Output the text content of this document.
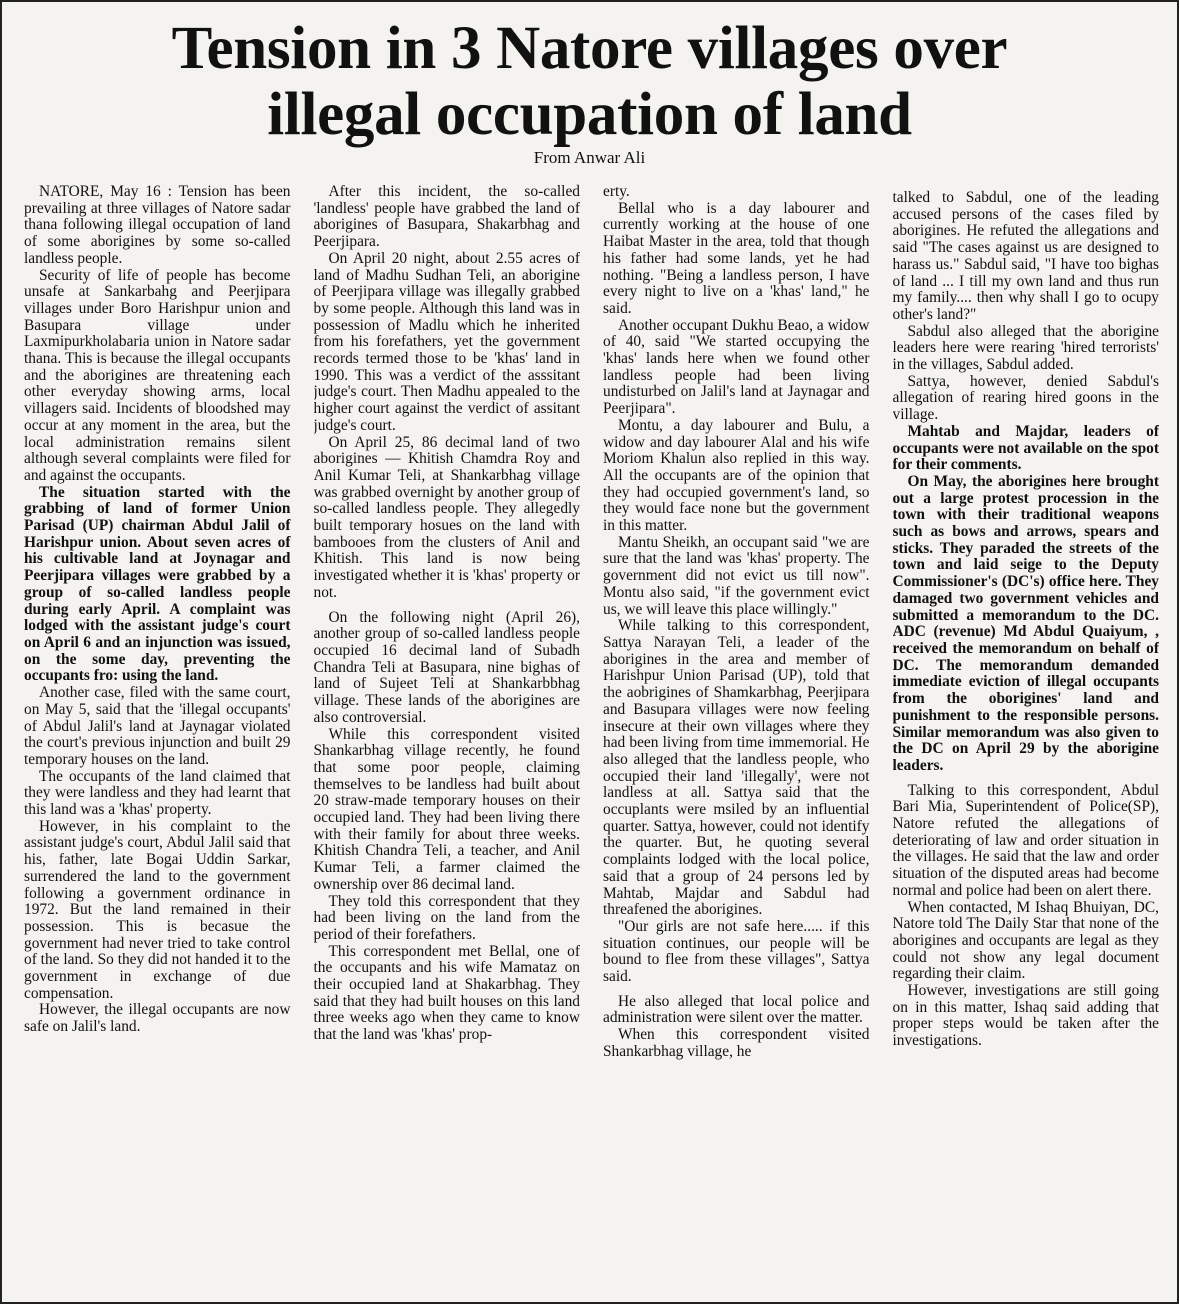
Tension in 3 Natore villages over
illegal occupation of land
From Anwar Ali

NATORE, May 16 : Tension has been prevailing at three villages of Natore sadar thana following illegal occupation of land of some aborigines by some so-called landless people.

Security of life of people has become unsafe at Sankarbahg and Peerjipara villages under Boro Harishpur union and Basupara village under Laxmipurkholabaria union in Natore sadar thana. This is because the illegal occupants and the aborigines are threatening each other everyday showing arms, local villagers said. Incidents of bloodshed may occur at any moment in the area, but the local administration remains silent although several complaints were filed for and against the occupants.

The situation started with the grabbing of land of former Union Parisad (UP) chairman Abdul Jalil of Harishpur union. About seven acres of his cultivable land at Joynagar and Peerjipara villages were grabbed by a group of so-called landless people during early April. A complaint was lodged with the assistant judge's court on April 6 and an injunction was issued, on the some day, preventing the occupants fro: using the land.

Another case, filed with the same court, on May 5, said that the 'illegal occupants' of Abdul Jalil's land at Jaynagar violated the court's previous injunction and built 29 temporary houses on the land.

The occupants of the land claimed that they were landless and they had learnt that this land was a 'khas' property.

However, in his complaint to the assistant judge's court, Abdul Jalil said that his, father, late Bogai Uddin Sarkar, surrendered the land to the government following a government ordinance in 1972. But the land remained in their possession. This is becasue the government had never tried to take control of the land. So they did not handed it to the government in exchange of due compensation.

However, the illegal occupants are now safe on Jalil's land.

After this incident, the so-called 'landless' people have grabbed the land of aborigines of Basupara, Shakarbhag and Peerjipara.

On April 20 night, about 2.55 acres of land of Madhu Sudhan Teli, an aborigine of Peerjipara village was illegally grabbed by some people. Although this land was in possession of Madlu which he inherited from his forefathers, yet the government records termed those to be 'khas' land in 1990. This was a verdict of the asssitant judge's court. Then Madhu appealed to the higher court against the verdict of assitant judge's court.

On April 25, 86 decimal land of two aborigines — Khitish Chamdra Roy and Anil Kumar Teli, at Shankarbhag village was grabbed overnight by another group of so-called landless people. They allegedly built temporary hosues on the land with bambooes from the clusters of Anil and Khitish. This land is now being investigated whether it is 'khas' property or not.

On the following night (April 26), another group of so-called landless people occupied 16 decimal land of Subadh Chandra Teli at Basupara, nine bighas of land of Sujeet Teli at Shankarbbhag village. These lands of the aborigines are also controversial.

While this correspondent visited Shankarbhag village recently, he found that some poor people, claiming themselves to be landless had built about 20 straw-made temporary houses on their occupied land. They had been living there with their family for about three weeks. Khitish Chandra Teli, a teacher, and Anil Kumar Teli, a farmer claimed the ownership over 86 decimal land.

They told this correspondent that they had been living on the land from the period of their forefathers.

This correspondent met Bellal, one of the occupants and his wife Mamataz on their occupied land at Shakarbhag. They said that they had built houses on this land three weeks ago when they came to know that the land was 'khas' prop-

erty.

Bellal who is a day labourer and currently working at the house of one Haibat Master in the area, told that though his father had some lands, yet he had nothing. "Being a landless person, I have every night to live on a 'khas' land," he said.

Another occupant Dukhu Beao, a widow of 40, said "We started occupying the 'khas' lands here when we found other landless people had been living undisturbed on Jalil's land at Jaynagar and Peerjipara".

Montu, a day labourer and Bulu, a widow and day labourer Alal and his wife Moriom Khalun also replied in this way. All the occupants are of the opinion that they had occupied government's land, so they would face none but the government in this matter.

Mantu Sheikh, an occupant said "we are sure that the land was 'khas' property. The government did not evict us till now". Montu also said, "if the government evict us, we will leave this place willingly."

While talking to this correspondent, Sattya Narayan Teli, a leader of the aborigines in the area and member of Harishpur Union Parisad (UP), told that the aobrigines of Shamkarbhag, Peerjipara and Basupara villages were now feeling insecure at their own villages where they had been living from time immemorial. He also alleged that the landless people, who occupied their land 'illegally', were not landless at all. Sattya said that the occuplants were msiled by an influential quarter. Sattya, however, could not identify the quarter. But, he quoting several complaints lodged with the local police, said that a group of 24 persons led by Mahtab, Majdar and Sabdul had threafened the aborigines.

"Our girls are not safe here..... if this situation continues, our people will be bound to flee from these villages", Sattya said.

He also alleged that local police and administration were silent over the matter.

When this correspondent visited Shankarbhag village, he

talked to Sabdul, one of the leading accused persons of the cases filed by aborigines. He refuted the allegations and said "The cases against us are designed to harass us." Sabdul said, "I have too bighas of land ... I till my own land and thus run my family.... then why shall I go to ocupy other's land?"

Sabdul also alleged that the aborigine leaders here were rearing 'hired terrorists' in the villages, Sabdul added.

Sattya, however, denied Sabdul's allegation of rearing hired goons in the village.

Mahtab and Majdar, leaders of occupants were not available on the spot for their comments.

On May, the aborigines here brought out a large protest procession in the town with their traditional weapons such as bows and arrows, spears and sticks. They paraded the streets of the town and laid seige to the Deputy Commissioner's (DC's) office here. They damaged two government vehicles and submitted a memorandum to the DC. ADC (revenue) Md Abdul Quaiyum, , received the memorandum on behalf of DC. The memorandum demanded immediate eviction of illegal occupants from the oborigines' land and punishment to the responsible persons. Similar memorandum was also given to the DC on April 29 by the aborigine leaders.

Talking to this correspondent, Abdul Bari Mia, Superintendent of Police(SP), Natore refuted the allegations of deteriorating of law and order situation in the villages. He said that the law and order situation of the disputed areas had become normal and police had been on alert there.

When contacted, M Ishaq Bhuiyan, DC, Natore told The Daily Star that none of the aborigines and occupants are legal as they could not show any legal document regarding their claim.

However, investigations are still going on in this matter, Ishaq said adding that proper steps would be taken after the investigations.
